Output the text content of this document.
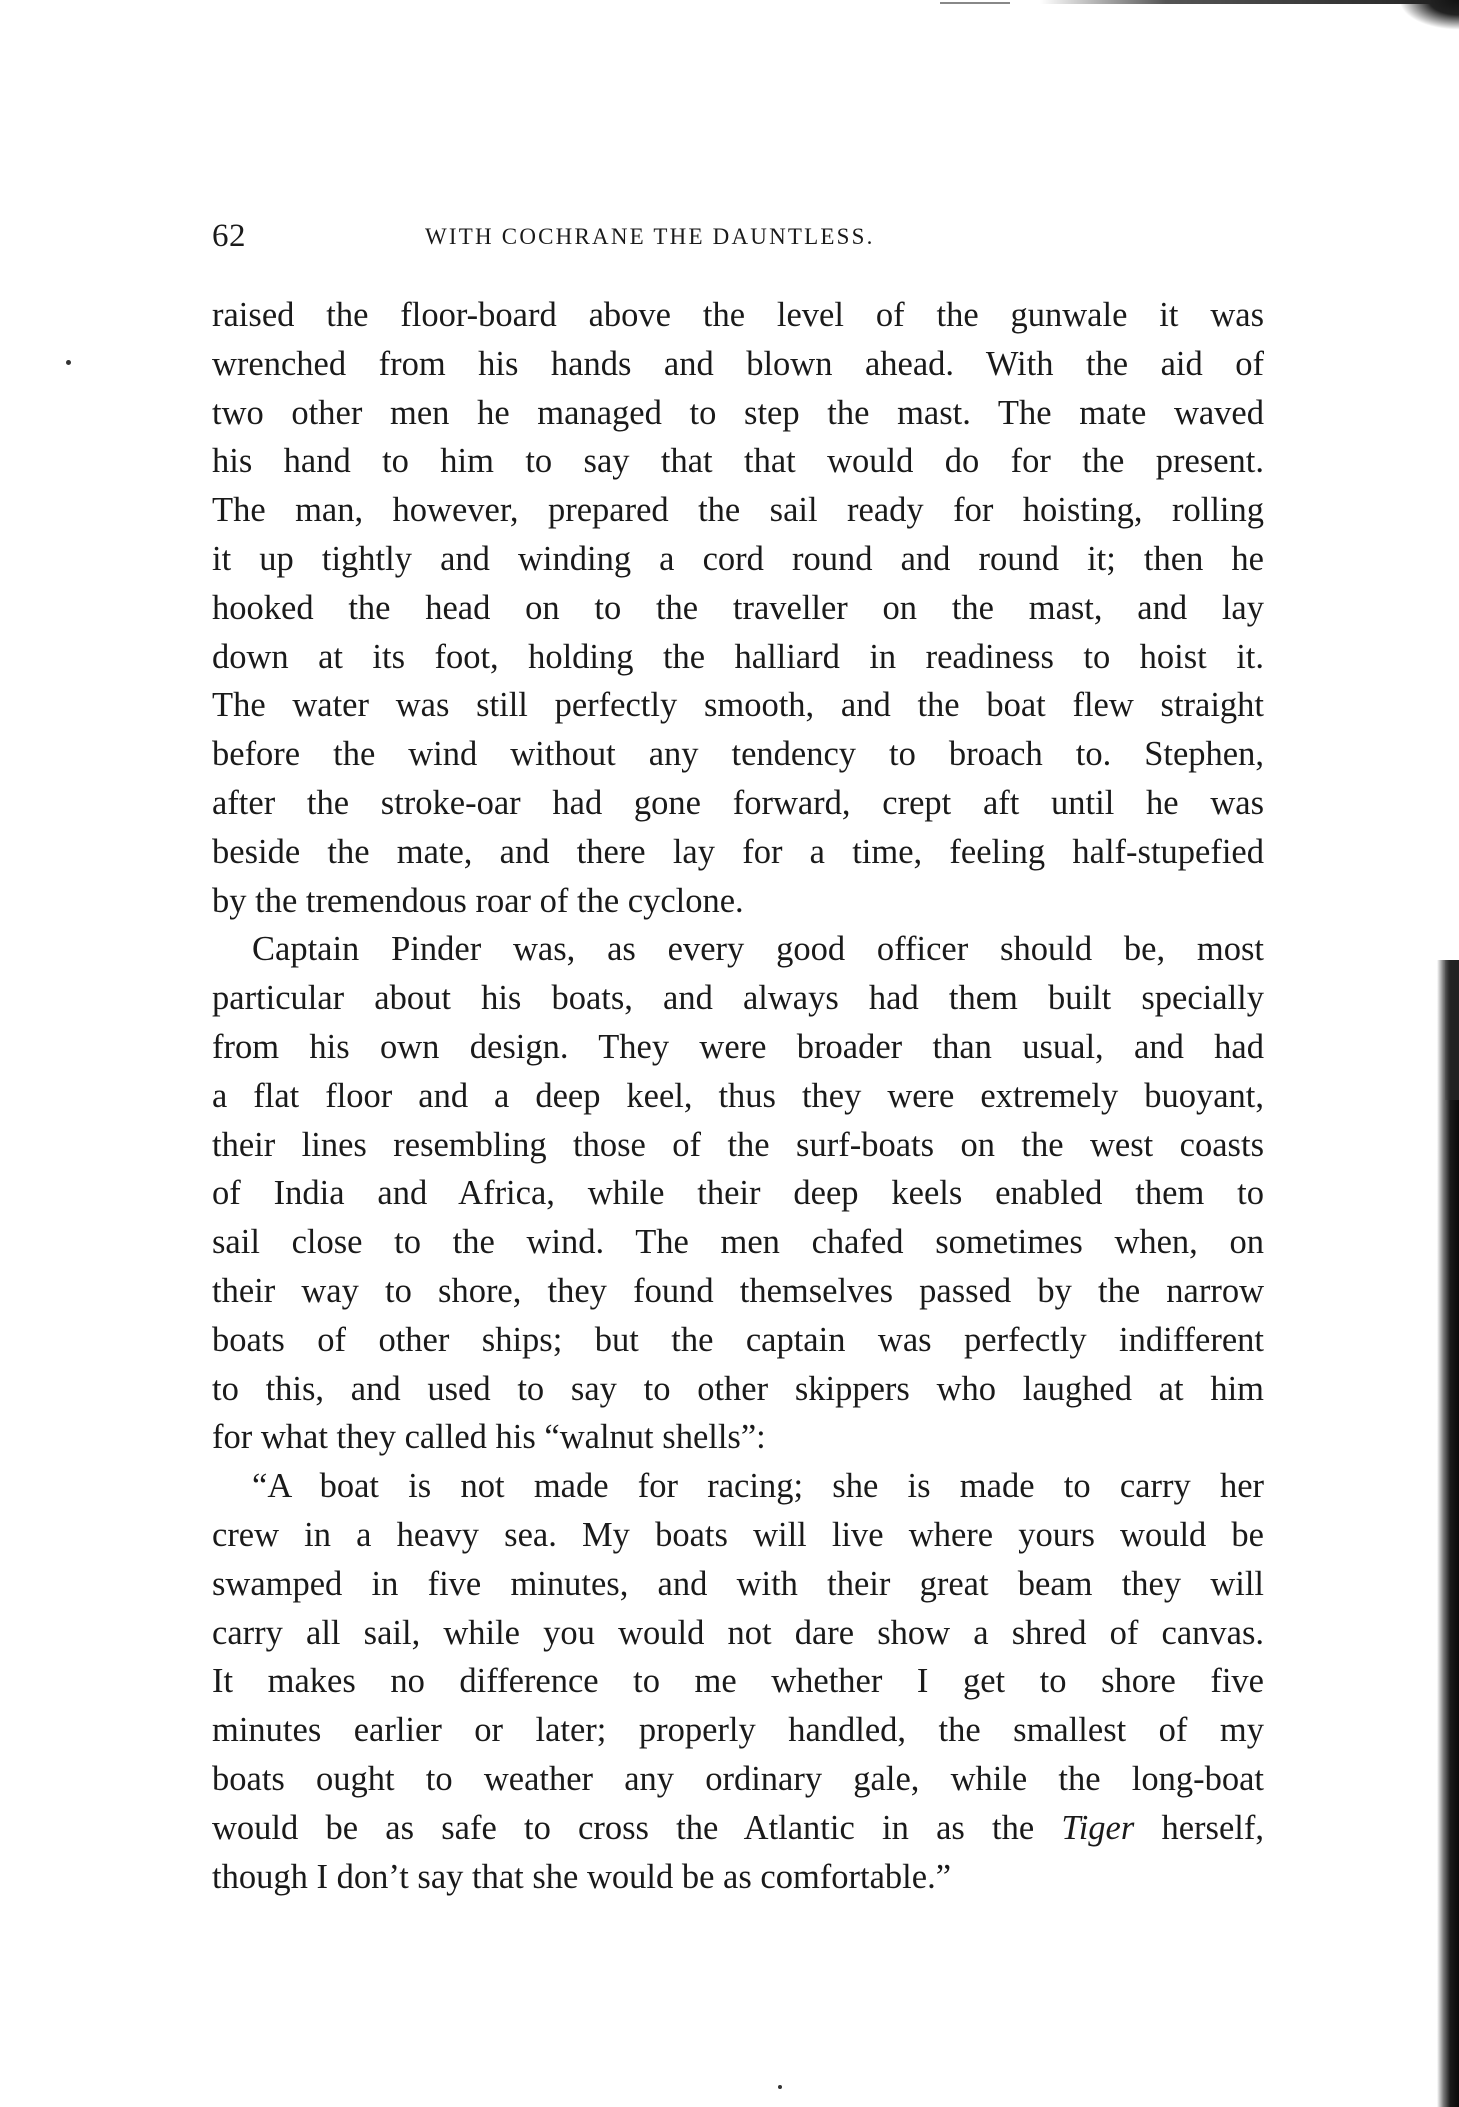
62	WITH COCHRANE THE DAUNTLESS.

raised the floor-board above the level of the gunwale it was
wrenched from his hands and blown ahead. With the aid of
two other men he managed to step the mast. The mate waved
his hand to him to say that that would do for the present.
The man, however, prepared the sail ready for hoisting, rolling
it up tightly and winding a cord round and round it; then he
hooked the head on to the traveller on the mast, and lay
down at its foot, holding the halliard in readiness to hoist it.
The water was still perfectly smooth, and the boat flew straight
before the wind without any tendency to broach to. Stephen,
after the stroke-oar had gone forward, crept aft until he was
beside the mate, and there lay for a time, feeling half-stupefied
by the tremendous roar of the cyclone.

Captain Pinder was, as every good officer should be, most
particular about his boats, and always had them built specially
from his own design. They were broader than usual, and had
a flat floor and a deep keel, thus they were extremely buoyant,
their lines resembling those of the surf-boats on the west coasts
of India and Africa, while their deep keels enabled them to
sail close to the wind. The men chafed sometimes when, on
their way to shore, they found themselves passed by the narrow
boats of other ships; but the captain was perfectly indifferent
to this, and used to say to other skippers who laughed at him
for what they called his “walnut shells”:

“A boat is not made for racing; she is made to carry her
crew in a heavy sea. My boats will live where yours would be
swamped in five minutes, and with their great beam they will
carry all sail, while you would not dare show a shred of canvas.
It makes no difference to me whether I get to shore five
minutes earlier or later; properly handled, the smallest of my
boats ought to weather any ordinary gale, while the long-boat
would be as safe to cross the Atlantic in as the Tiger herself,
though I don’t say that she would be as comfortable.”
